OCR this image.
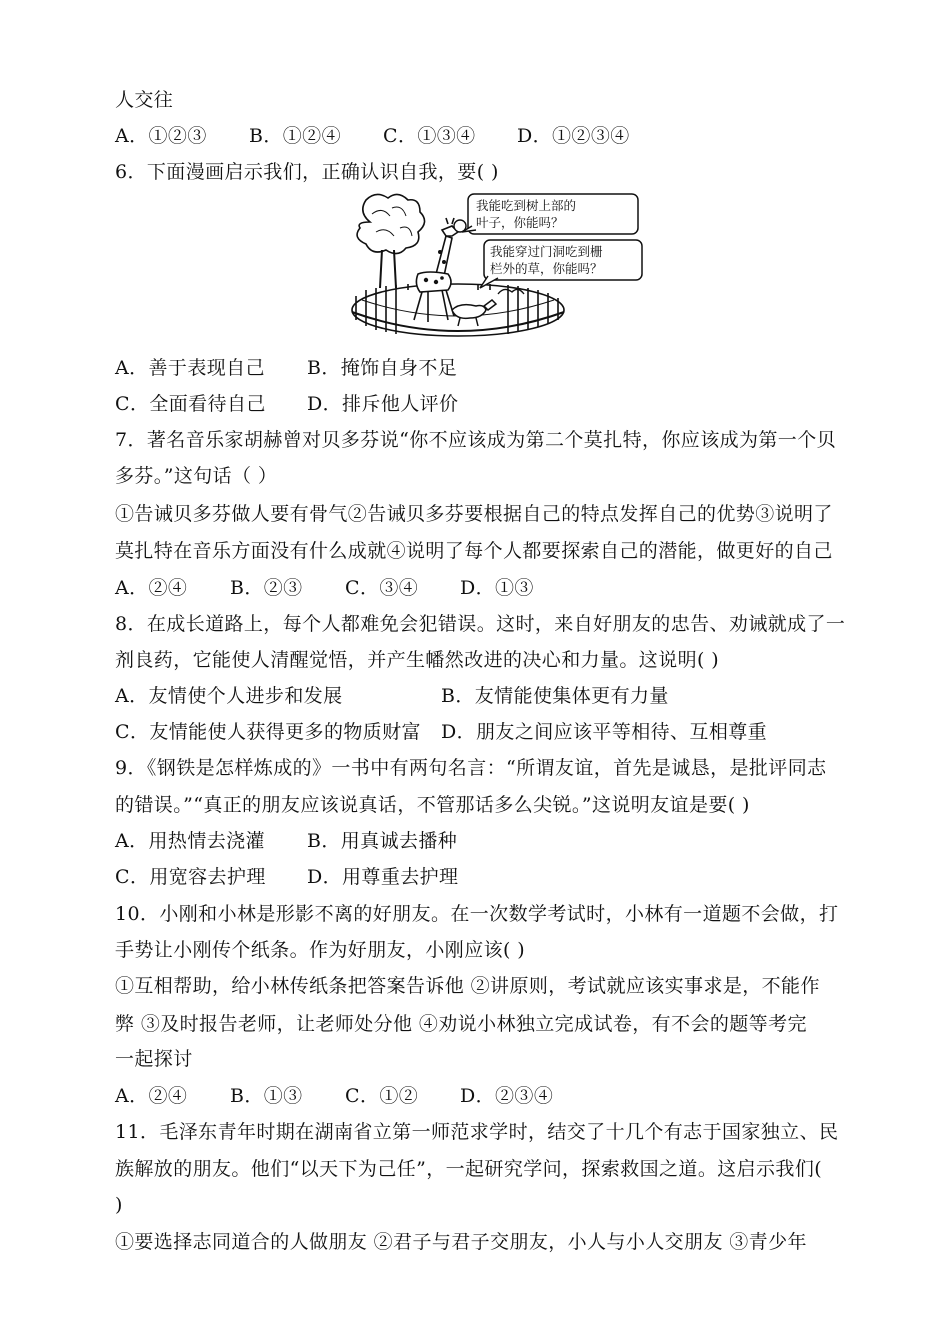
人交往
A．①②③ B．①②④ C．①③④ D．①②③④
6．下面漫画启示我们，正确认识自我，要( )
我能吃到树上部的
叶子，你能吗？
我能穿过门洞吃到栅
栏外的草，你能吗？
A．善于表现自己 B．掩饰自身不足
C．全面看待自己 D．排斥他人评价
7．著名音乐家胡赫曾对贝多芬说“你不应该成为第二个莫扎特，你应该成为第一个贝
多芬。”这句话（ ）
①告诫贝多芬做人要有骨气②告诫贝多芬要根据自己的特点发挥自己的优势③说明了
莫扎特在音乐方面没有什么成就④说明了每个人都要探索自己的潜能，做更好的自己
A．②④ B．②③ C．③④ D．①③
8．在成长道路上，每个人都难免会犯错误。这时，来自好朋友的忠告、劝诫就成了一
剂良药，它能使人清醒觉悟，并产生幡然改进的决心和力量。这说明( )
A．友情使个人进步和发展	B．友情能使集体更有力量
C．友情能使人获得更多的物质财富 D．朋友之间应该平等相待、互相尊重
9．《钢铁是怎样炼成的》一书中有两句名言：“所谓友谊，首先是诚恳，是批评同志
的错误。”“真正的朋友应该说真话，不管那话多么尖锐。”这说明友谊是要( )
A．用热情去浇灌 B．用真诚去播种
C．用宽容去护理 D．用尊重去护理
10．小刚和小林是形影不离的好朋友。在一次数学考试时，小林有一道题不会做，打
手势让小刚传个纸条。作为好朋友，小刚应该( )
①互相帮助，给小林传纸条把答案告诉他 ②讲原则，考试就应该实事求是，不能作
弊 ③及时报告老师，让老师处分他 ④劝说小林独立完成试卷，有不会的题等考完
一起探讨
A．②④ B．①③ C．①② D．②③④
11．毛泽东青年时期在湖南省立第一师范求学时，结交了十几个有志于国家独立、民
族解放的朋友。他们“以天下为己任”，一起研究学问，探索救国之道。这启示我们(
)
①要选择志同道合的人做朋友 ②君子与君子交朋友，小人与小人交朋友 ③青少年
